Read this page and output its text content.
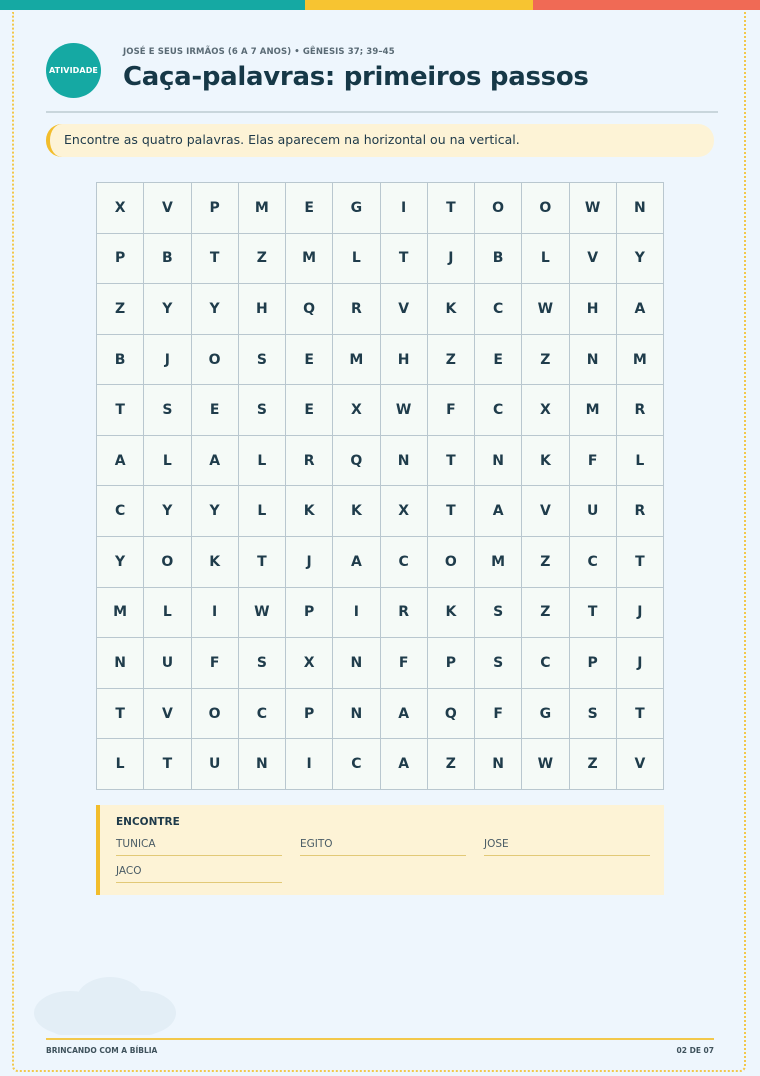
ATIVIDADE
JOSÉ E SEUS IRMÃOS (6 A 7 ANOS) • GÊNESIS 37; 39–45
Caça-palavras: primeiros passos
Encontre as quatro palavras. Elas aparecem na horizontal ou na vertical.
X	V	P	M	E	G	I	T	O	O	W	N
P	B	T	Z	M	L	T	J	B	L	V	Y
Z	Y	Y	H	Q	R	V	K	C	W	H	A
B	J	O	S	E	M	H	Z	E	Z	N	M
T	S	E	S	E	X	W	F	C	X	M	R
A	L	A	L	R	Q	N	T	N	K	F	L
C	Y	Y	L	K	K	X	T	A	V	U	R
Y	O	K	T	J	A	C	O	M	Z	C	T
M	L	I	W	P	I	R	K	S	Z	T	J
N	U	F	S	X	N	F	P	S	C	P	J
T	V	O	C	P	N	A	Q	F	G	S	T
L	T	U	N	I	C	A	Z	N	W	Z	V
ENCONTRE
TUNICA	EGITO	JOSE
JACO
BRINCANDO COM A BÍBLIA	02 DE 07
